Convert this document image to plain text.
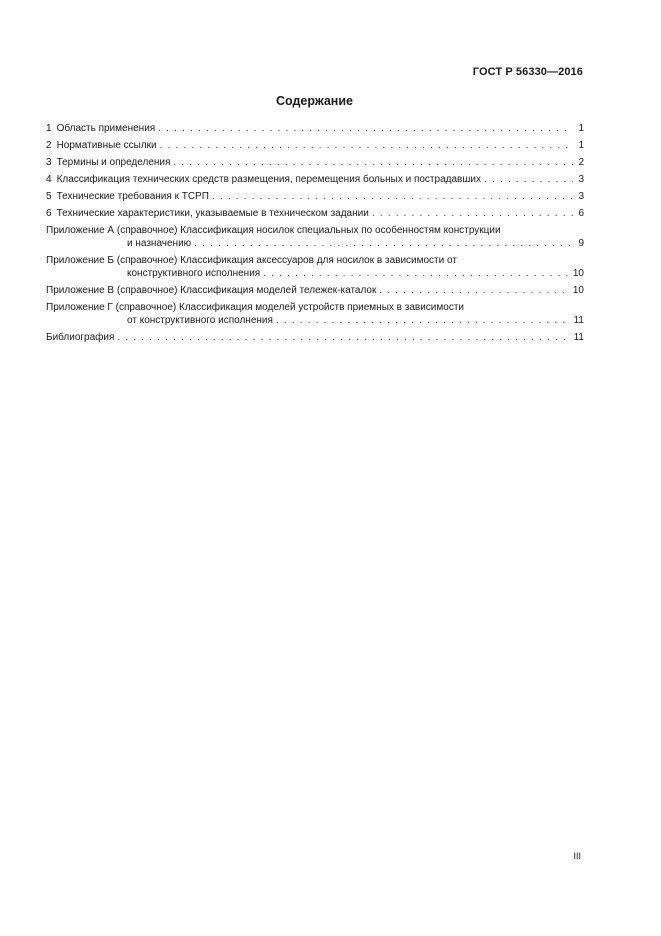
ГОСТ Р 56330—2016
Содержание
1 Область применения . . .	1
2 Нормативные ссылки . . .	1
3 Термины и определения . . .	2
4 Классификация технических средств размещения, перемещения больных и пострадавших . . .	3
5 Технические требования к ТСРП . . .	3
6 Технические характеристики, указываемые в техническом задании . . .	6
Приложение А (справочное) Классификация носилок специальных по особенностям конструкции
и назначению . . .	9
Приложение Б (справочное) Классификация аксессуаров для носилок в зависимости от
конструктивного исполнения . . .	10
Приложение В (справочное) Классификация моделей тележек-каталок . . .	10
Приложение Г (справочное) Классификация моделей устройств приемных в зависимости
от конструктивного исполнения . . .	11
Библиография . . .	11
III
